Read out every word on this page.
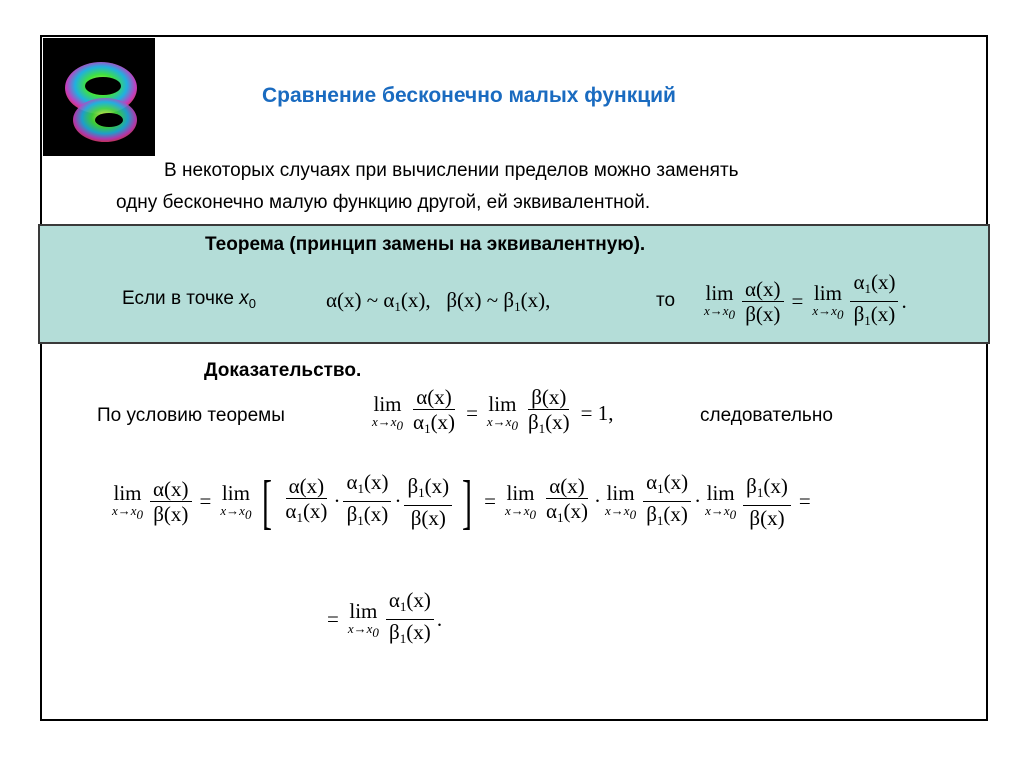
Сравнение бесконечно малых функций
В некоторых случаях при вычислении пределов можно заменять
одну бесконечно малую функцию другой, ей эквивалентной.
Теорема (принцип замены на эквивалентную).
Если в точке $x_0$	α(x) ~ $\alpha_1(x)$, β(x) ~ $\beta_1(x)$,	то lim
$x\to x0 \frac{\alpha(x)}{\beta(x)} = \lim$
$x\to x0 \frac{\alpha_1(x)}{\beta_1(x)}$ .
Доказательство.
По условию теоремы	lim
$x\to x0 \frac{\alpha(x)}{\alpha_1(x)} = \lim$
$x\to x0 \frac{\beta(x)}{\beta_1(x)} = 1$,	следовательно
lim
$x\to x0 \frac{\alpha(x)}{\beta(x)} = \lim$
x→x0 [ $\frac{\alpha(x)}{\alpha_1(x)} \cdot \frac{\alpha_1(x)}{\beta_1(x)} \cdot \frac{\beta_1(x)}{\beta(x)}$ ] = lim
$x\to x0 \frac{\alpha(x)}{\alpha_1(x)} \cdot \lim$
$x\to x0 \frac{\alpha_1(x)}{\beta_1(x)} \cdot \lim$
$x\to x0 \frac{\beta_1(x)}{\beta(x)}$ =
= lim
$x\to x0 \frac{\alpha_1(x)}{\beta_1(x)}$ .
